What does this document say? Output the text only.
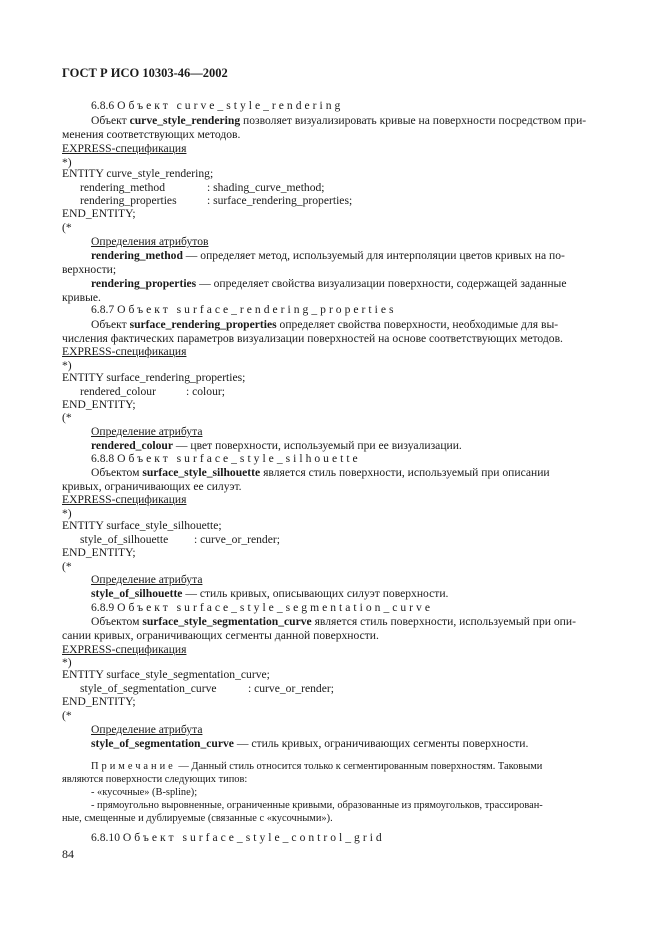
ГОСТ Р ИСО 10303-46—2002
6.8.6 Объект curve_style_rendering
Объект curve_style_rendering позволяет визуализировать кривые на поверхности посредством при-
менения соответствующих методов.
EXPRESS-спецификация
*)
ENTITY curve_style_rendering;
rendering_method	: shading_curve_method;
rendering_properties	: surface_rendering_properties;
END_ENTITY;
(*
Определения атрибутов
rendering_method — определяет метод, используемый для интерполяции цветов кривых на по-
верхности;
rendering_properties — определяет свойства визуализации поверхности, содержащей заданные
кривые.
6.8.7 Объект surface_rendering_properties
Объект surface_rendering_properties определяет свойства поверхности, необходимые для вы-
числения фактических параметров визуализации поверхностей на основе соответствующих методов.
EXPRESS-спецификация
*)
ENTITY surface_rendering_properties;
rendered_colour	: colour;
END_ENTITY;
(*
Определение атрибута
rendered_colour — цвет поверхности, используемый при ее визуализации.
6.8.8 Объект surface_style_silhouette
Объектом surface_style_silhouette является стиль поверхности, используемый при описании
кривых, ограничивающих ее силуэт.
EXPRESS-спецификация
*)
ENTITY surface_style_silhouette;
style_of_silhouette : curve_or_render;
END_ENTITY;
(*
Определение атрибута
style_of_silhouette — стиль кривых, описывающих силуэт поверхности.
6.8.9 Объект surface_style_segmentation_curve
Объектом surface_style_segmentation_curve является стиль поверхности, используемый при опи-
сании кривых, ограничивающих сегменты данной поверхности.
EXPRESS-спецификация
*)
ENTITY surface_style_segmentation_curve;
style_of_segmentation_curve	: curve_or_render;
END_ENTITY;
(*
Определение атрибута
style_of_segmentation_curve — стиль кривых, ограничивающих сегменты поверхности.
Примечание — Данный стиль относится только к сегментированным поверхностям. Таковыми
являются поверхности следующих типов:
- «кусочные» (B-spline);
- прямоугольно выровненные, ограниченные кривыми, образованные из прямоугольков, трассирован-
ные, смещенные и дублируемые (связанные с «кусочными»).
6.8.10 Объект surface_style_control_grid
84
